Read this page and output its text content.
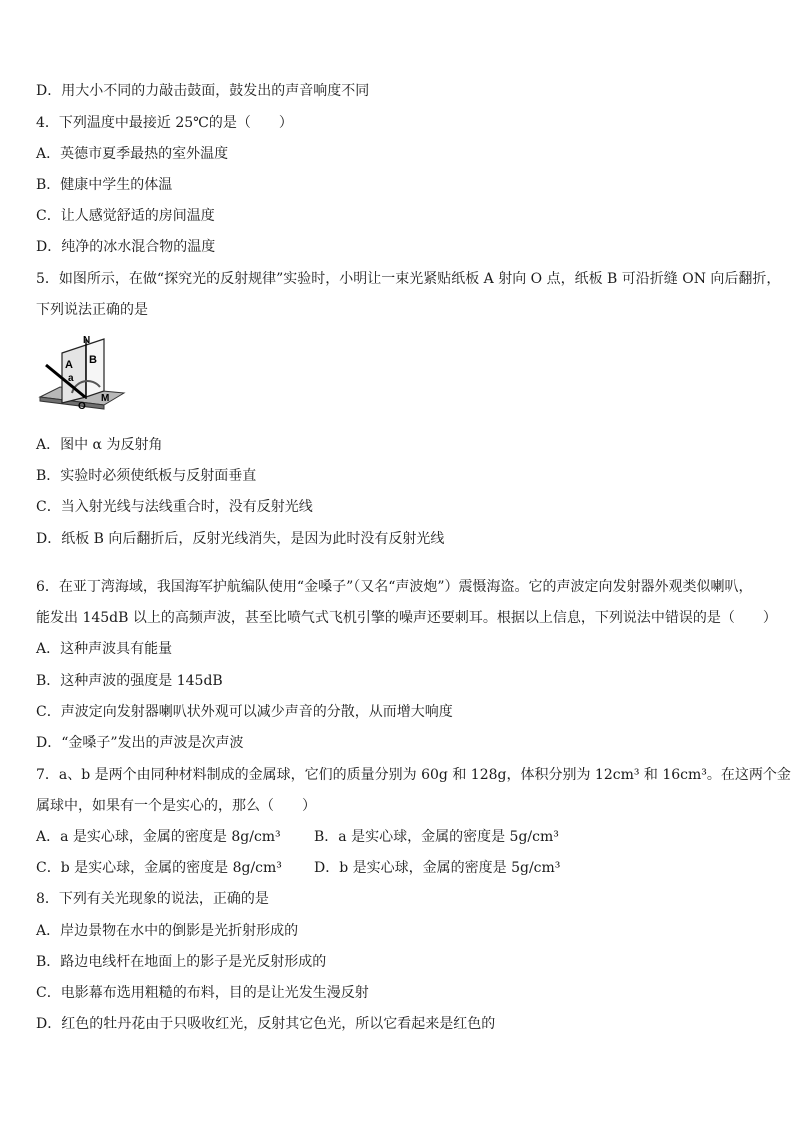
D．用大小不同的力敲击鼓面，鼓发出的声音响度不同
4．下列温度中最接近 25℃的是（　　）
A．英德市夏季最热的室外温度
B．健康中学生的体温
C．让人感觉舒适的房间温度
D．纯净的冰水混合物的温度
5．如图所示，在做“探究光的反射规律”实验时，小明让一束光紧贴纸板 A 射向 O 点，纸板 B 可沿折缝 ON 向后翻折，
下列说法正确的是
N
A B
a
O
M
A．图中 α 为反射角
B．实验时必须使纸板与反射面垂直
C．当入射光线与法线重合时，没有反射光线
D．纸板 B 向后翻折后，反射光线消失，是因为此时没有反射光线
6．在亚丁湾海域，我国海军护航编队使用“金嗓子”（又名“声波炮”）震慑海盗。它的声波定向发射器外观类似喇叭，
能发出 145dB 以上的高频声波，甚至比喷气式飞机引擎的噪声还要刺耳。根据以上信息，下列说法中错误的是（　　）
A．这种声波具有能量
B．这种声波的强度是 145dB
C．声波定向发射器喇叭状外观可以减少声音的分散，从而增大响度
D．“金嗓子”发出的声波是次声波
7．a、b 是两个由同种材料制成的金属球，它们的质量分别为 60g 和 128g，体积分别为 12cm³ 和 16cm³。在这两个金
属球中，如果有一个是实心的，那么（　　）
A．a 是实心球，金属的密度是 8g/cm³ B．a 是实心球，金属的密度是 5g/cm³
C．b 是实心球，金属的密度是 8g/cm³ D．b 是实心球，金属的密度是 5g/cm³
8．下列有关光现象的说法，正确的是
A．岸边景物在水中的倒影是光折射形成的
B．路边电线杆在地面上的影子是光反射形成的
C．电影幕布选用粗糙的布料，目的是让光发生漫反射
D．红色的牡丹花由于只吸收红光，反射其它色光，所以它看起来是红色的
